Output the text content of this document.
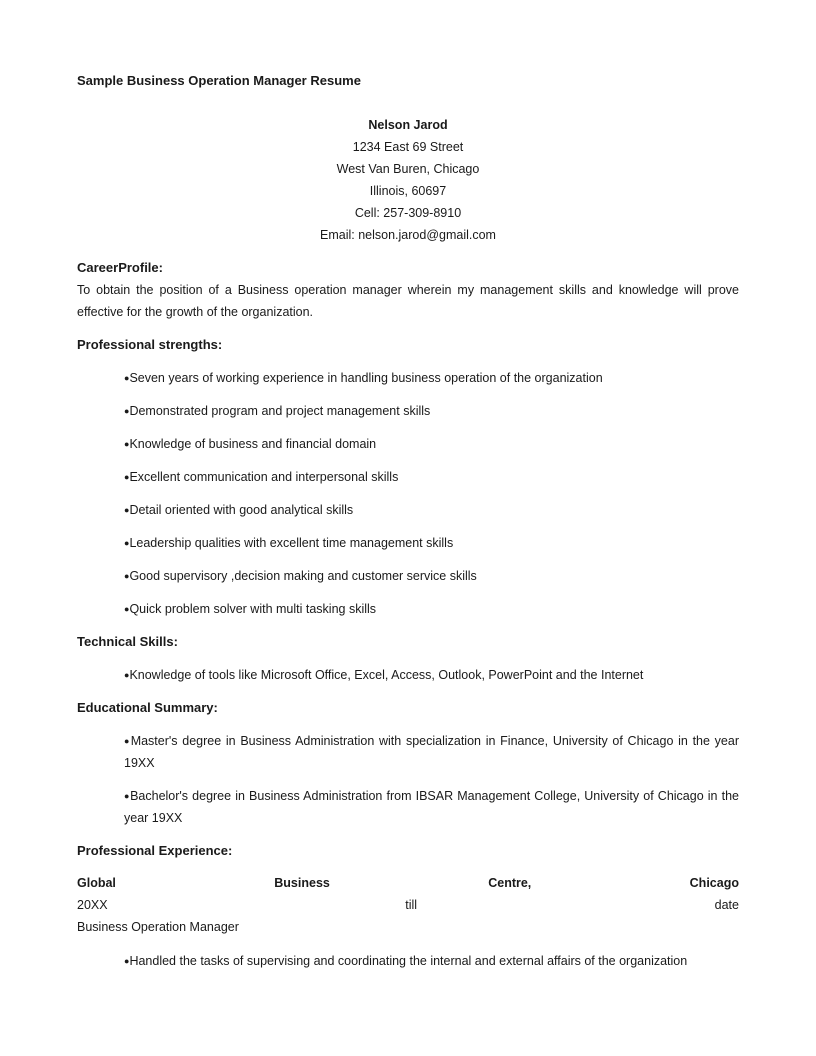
Sample Business Operation Manager Resume
Nelson Jarod
1234 East 69 Street
West Van Buren, Chicago
Illinois, 60697
Cell: 257-309-8910
Email: nelson.jarod@gmail.com
CareerProfile:
To obtain the position of a Business operation manager wherein my management skills and knowledge will prove effective for the growth of the organization.
Professional strengths:
●Seven years of working experience in handling business operation of the organization
●Demonstrated program and project management skills
●Knowledge of business and financial domain
●Excellent communication and interpersonal skills
●Detail oriented with good analytical skills
●Leadership qualities with excellent time management skills
●Good supervisory ,decision making and customer service skills
●Quick problem solver with multi tasking skills
Technical Skills:
●Knowledge of tools like Microsoft Office, Excel, Access, Outlook, PowerPoint and the Internet
Educational Summary:
●Master's degree in Business Administration with specialization in Finance, University of Chicago in the year 19XX
●Bachelor's degree in Business Administration from IBSAR Management College, University of Chicago in the year 19XX
Professional Experience:
Global	Business	Centre,	Chicago
20XX	till	date
Business Operation Manager
●Handled the tasks of supervising and coordinating the internal and external affairs of the organization
